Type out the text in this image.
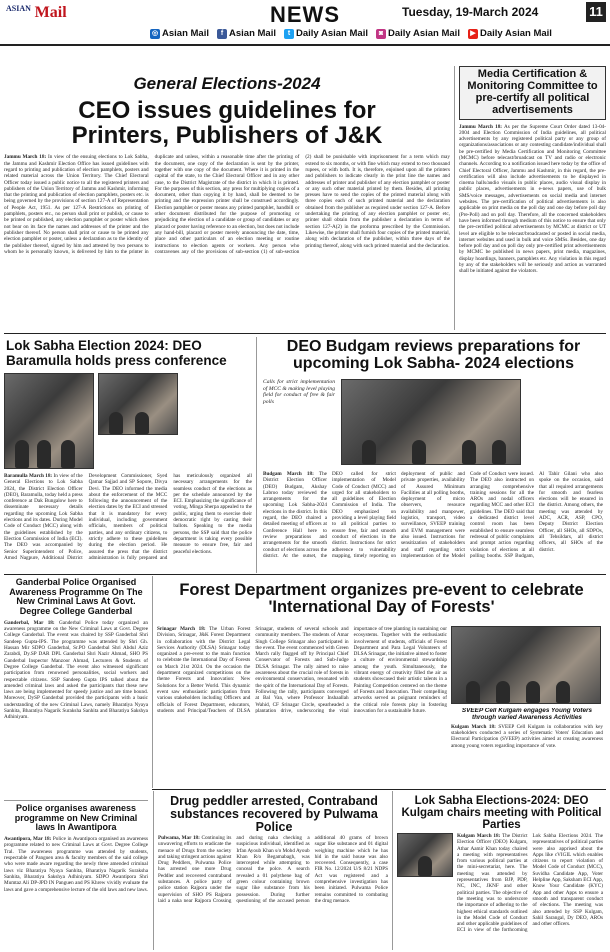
$^{ASIAN}$ Mail	NEWS	Tuesday, 19-March 2024	11
◎ Asian Mail	f Asian Mail	t Daily Asian Mail	◙ Daily Asian Mail	▶ Daily Asian Mail
General Elections-2024
CEO issues guidelines for Printers, Publishers of J&K
Jammu March 18: In view of the ensuing elections to Lok Sabha, the Jammu and Kashmir Election Office has issued guidelines with regard to printing and publication of election pamphlets, posters and related material across the Union Territory. The Chief Electoral Officer today issued a public notice to all the registered printers and publishers of the Union Territory of Jammu and Kashmir, informing that the printing and publication of election pamphlets, posters etc. is being governed by the provisions of section 127-A of Representation of People Act, 1951. As per 127-A Restrictions on printing of pamphlets, posters etc., no person shall print or publish, or cause to be printed or published, any election pamphlet or poster which does not bear on its face the names and addresses of the printer and the publisher thereof. No person shall print or cause to be printed any election pamphlet or poster, unless a declaration as to the identity of the publisher thereof, signed by him and attested by two persons to whom he is personally known, is delivered by him to the printer in duplicate and unless, within a reasonable time after the printing of the document, one copy of the declaration is sent by the printer, together with one copy of the document. Where it is printed in the capital of the state, to the Chief Electoral Officer and in any other case, to the District Magistrate of the district in which it is printed. For the purposes of this section, any press for multiplying copies of a document, other than copying it by hand, shall be deemed to be printing and the expression printer shall be construed accordingly. Election pamphlet or poster means any printed pamphlet, handbill or other document distributed for the purpose of promoting or prejudicing the election of a candidate or group of candidates or any placard or poster having reference to an election, but does not include any hand-bill, placard or poster merely announcing the date, time, place and other particulars of an election meeting or routine instructions to election agents or workers. Any person who contravenes any of the provisions of sub-section (1) of sub-section (2) shall be punishable with imprisonment for a term which may extend to six months, or with fine which may extend to two thousand rupees, or with both. It is, therefore, enjoined upon all the printers and publishers to indicate clearly in the print line the names and addresses of printer and publisher of any election pamphlet or poster or any such other material printed by them. Besides, all printing presses have to send the copies of the printed material along with three copies each of such printed material and the declaration obtained from the publisher as required under section 127-A. Before undertaking the printing of any election pamphlet or poster etc, printer shall obtain from the publisher a declaration in terms of section 127-A(2) in the proforma prescribed by the Commission. Likewise, the printer shall furnish four copies of the printed material, along with declaration of the publisher, within three days of the printing thereof, along with such printed material and the declaration.
Media Certification & Monitoring Committee to pre-certify all political advertisements
Jammu March 18: As per the Supreme Court Order dated 13-04-2004 and Election Commission of India guidelines, all political advertisements by any registered political party or any group of organizations/associations or any contesting candidate/individual shall be pre-certified by Media Certification and Monitoring Committee (MCMC) before telecast/broadcast on TV and radio or electronic channels. According to a notification issued here today by the office of Chief Electoral Officer, Jammu and Kashmir, in this regard, the pre-certification will also include advertisements to be displayed in cinema halls/audio visuals in public places, audio visual display in public places, advertisements in e-news papers, use of bulk SMS/voice messages, advertisements on social media and internet websites. The pre-certification of political advertisements is also applicable on print media on the poll day and one day before poll day (Pre-Poll) and on poll day. Therefore, all the concerned stakeholders have been informed through medium of this notice to ensure that only the pre-certified political advertisements by MCMC at district or UT level are eligible to be telecast/broadcasted or posted in social media, internet websites and used in bulk and voice SMSs. Besides, one day before poll day and on poll day only pre-certified print advertisements by MCMC be published in news papers, print media, magazines, display hoardings, banners, pamphlets etc. Any violation in this regard by any of the stakeholders will be seriously and action as warranted shall be initiated against the violators.
Lok Sabha Election 2024: DEO Baramulla holds press conference
Baramulla March 18: In view of the General Elections to Lok Sabha 2024, the District Election Officer (DEO), Baramulla, today held a press conference at Dak Bungalow here to disseminate necessary details regarding the upcoming Lok Sabha elections and its dates. During Model Code of Conduct (MCC) along with the guidelines established by the Election Commission of India (ECI). The DEO was accompanied by Senior Superintendent of Police, Amod Nagpure, Additional District Development Commissioner, Syed Qamar Sajjad and SP Sopore, Divya Devi. The DEO informed the media about the enforcement of the MCC following the announcement of the election dates by the ECI and stressed that it is mandatory for every individual, including government officials, members of political parties, and any ordinary citizens, to strictly adhere to these guidelines during the election period. He assured the press that the district administration is fully prepared and has meticulously organized all necessary arrangements for the seamless conduct of the elections as per the schedule announced by the ECI. Emphasizing the significance of voting, Minga Sherpa appealed to the public, urging them to exercise their democratic right by casting their ballots. Speaking to the media persons, the SSP said that the police department is taking every possible measure to ensure free, fair and peaceful elections.
DEO Budgam reviews preparations for upcoming Lok Sabha- 2024 elections
Calls for strict implementation of MCC & making level playing field for conduct of free & fair polls
Budgam March 18: The District Election Officer (DEO) Budgam, Akshay Labroo today reviewed the arrangements for the upcoming Lok Sabha-2024 elections in the district. In this regard, the DEO chaired a detailed meeting of officers at Conference Hall here to review preparations and arrangements for the smooth conduct of elections across the district. At the outset, the DEO called for strict implementation of Model Code of Conduct (MCC) and urged for all stakeholders to all guidelines of Election Commission of India. The DEO emphasized on providing a level playing field to all political parties to ensure free, fair and smooth conduct of elections in the district. Instructions for strict adherence to vulnerability mapping, timely reporting on deployment of public and private properties, availability of Assured Minimum Facilities at all polling booths, deployment of micro observers, resource availability and manpower, logistics, transport, video surveillance, SVEEP training and EVM management were also issued. Instructions for sensitization of stakeholders and staff regarding strict implementation of the Model Code of Conduct were issued. The DEO also instructed on arranging comprehensive training sessions for all the AROs and nodal officers regarding MCC and other ECI guidelines. The DEO said that a dedicated district level control room has been established to ensure seamless redressal of public complaints and prompt action regarding violation of elections at all polling booths. SSP Budgam, Al Tahir Gilani who also spoke on the occasion, said that all required arrangements for smooth and fearless elections will be ensured in the district. Among others, the meeting was attended by ADC, ACR, ASP, CPO, Deputy District Election Officer, all SHOs, all SDPOs, all Tehsildars, all district officers, all SHOs of the district.
Ganderbal Police Organised Awareness Programme On The New Criminal Laws At Govt. Degree College Ganderbal
Ganderbal, Mar 18: Ganderbal Police today organized an awareness programme on the New Criminal Laws at Govt. Degree College Ganderbal. The event was chaired by SSP Ganderbal Shri Sandeep Gupta-IPS. The programme was attended by Shri Gh. Hassan Mir SDPO Ganderbal, Sr.PO Ganderbal Shri Abdul Aziz Zarabdi, Dy.SP DAR DPL Ganderbal Shri Nazir Ahmad, SHO PS Ganderbal Inspector Manzoor Ahmad, Lecturers & Students of Degree College Ganderbal. The event also witnessed significant participation from renowned personalities, social workers and respectable citizens. SSP Sandeep Gupta IPS talked about the amended criminal laws and asked the participants that these new laws are being implemented for speedy justice and are time bound. Moreover, DySP Ganderbal provided the participants with a basic understanding of the new Criminal Laws, namely Bharatiya Nyaya Sanhita, Bharatiya Nagarik Suraksha Sanhita and Bharatiya Sakshya Adhiniyam.
Police organises awareness programme on New Criminal laws In Awantipora
Awantipora, Mar 18: Police in Awantipora organised an awareness programme related to new Criminal Laws at Govt. Degree College Tral. The awareness programme was attended by students, respectable of Panguen area & faculty members of the said college who were made aware regarding the newly three amended criminal laws viz Bharatiya Nyaya Sanhita, Bharatiya Nagarik Suraksha Sanhita, Bharatiya Sakshya Adhiniyam. SDPO Awantipora Shri Mumtaz Ali DP-JPD IN Panguen and PS Khrew vividly evaluate the laws and gave a comprehensive lecture of the old laws and new laws.
Forest Department organizes pre-event to celebrate 'International Day of Forests'
Srinagar March 18: The Urban Forest Division, Srinagar, J&K Forest Department in collaboration with the District Legal Services Authority (DLSA) Srinagar today organized a pre-event to the main function to celebrate the International Day of Forests on March 21st 2024. On the occasion the department organized competitions on the theme Forests and Innovation: New Solutions for a Better World. This dynamic event saw enthusiastic participation from various stakeholders including Officers and officials of Forest Department, educators, students and Principal/Teachers of DLSA Srinagar, students of several schools and community members. The students of Amar Singh College Srinagar also participated in the event. The event commenced with Green March rally flagged off by Principal Chief Conservator of Forests and Sub-Judge DLSA Srinagar. The rally aimed to raise awareness about the crucial role of forests in environmental conservation, resonated with the spirit of the International Day of Forests. Following the rally, participants converged at Bal Van, where Professor Inshaallah Wahid, CF Srinagar Circle, spearheaded a plantation drive, underscoring the vital importance of tree planting in sustaining our ecosystems. Together with the enthusiastic involvement of students, officials of Forest Department and Para Legal Volunteers of DLSA Srinagar, the initiative aimed to foster a culture of environmental stewardship among the youth. Simultaneously, the vibrant energy of creativity filled the air as students showcased their artistic talents in a Painting Competition centered on the theme of Forests and Innovation. Their compelling artworks served as poignant reminders of the critical role forests play in fostering innovation for a sustainable future.	SVEEP Cell Kulgam engages Young Voters through varied Awareness Activities
Kulgam March 18: SVEEP Cell Kulgam in collaboration with key stakeholders conducted a series of Systematic Voters' Education and Electoral Participation (SVEEP) activities aimed at creating awareness among young voters regarding importance of vote.
Drug peddler arrested, Contraband substances recovered by Pulwama Police
Pulwama, Mar 18: Continuing its unwavering efforts to eradicate the menace of Drugs from the society and taking stringent actions against Drug Peddlers, Pulwama Police has arrested one more Drug Peddler and recovered contraband substances. A police party of police station Rajpora under the supervision of SHO PS Rajpora laid a naka near Rajpora Crossing and during naka checking a suspicious individual, identified as Irfan Ayoub Khan s/o Mohd Ayoub Khan R/o Begamabagh, was intercepted while attempting to conceal the polce. A search revealed a 01 polythene bag of green colour containing brown sugar like substance from his possession. During further questioning of the accused person additional 40 grams of brown sugar like substance and 01 digital weighing machine which he has hid in the said house was also recovered. Consequently, a case FIR No. 12/2024 U/S 8/21 NDPS Act was registered and a comprehensive investigation has been initiated. Pulwama Police remains committed to combating the drug menace.
Lok Sabha Elections-2024: DEO Kulgam chairs meeting with Political Parties
Kulgam March 18: The District Election Officer (DEO) Kulgam, Athar Aamir Khan today chaired a meeting with representatives from various political parties at the mini-secretariat, here. The meeting was attended by representatives from BJP, PDP, NC, INC, JKNF and other political parties. The objective of the meeting was to underscore the importance of adhering to the highest ethical standards outlined in the Model Code of Conduct and other applicable guidelines of ECI in view of the forthcoming Lok Sabha Elections 2024. The representatives of political parties were also apprised about the Apps like cVIGIL which enables citizens to report violation of Model Code of Conduct (MCC), Suvidha Candidate App, Voter Helpline App, Saksham ECI App, Know Your Candidate (KYC) App and other Apps to ensure a smooth and transparent conduct of elections. The meeting was also attended by SSP Kulgam, Sahil Sarangal, Dy DEO, AROs and other officers.
